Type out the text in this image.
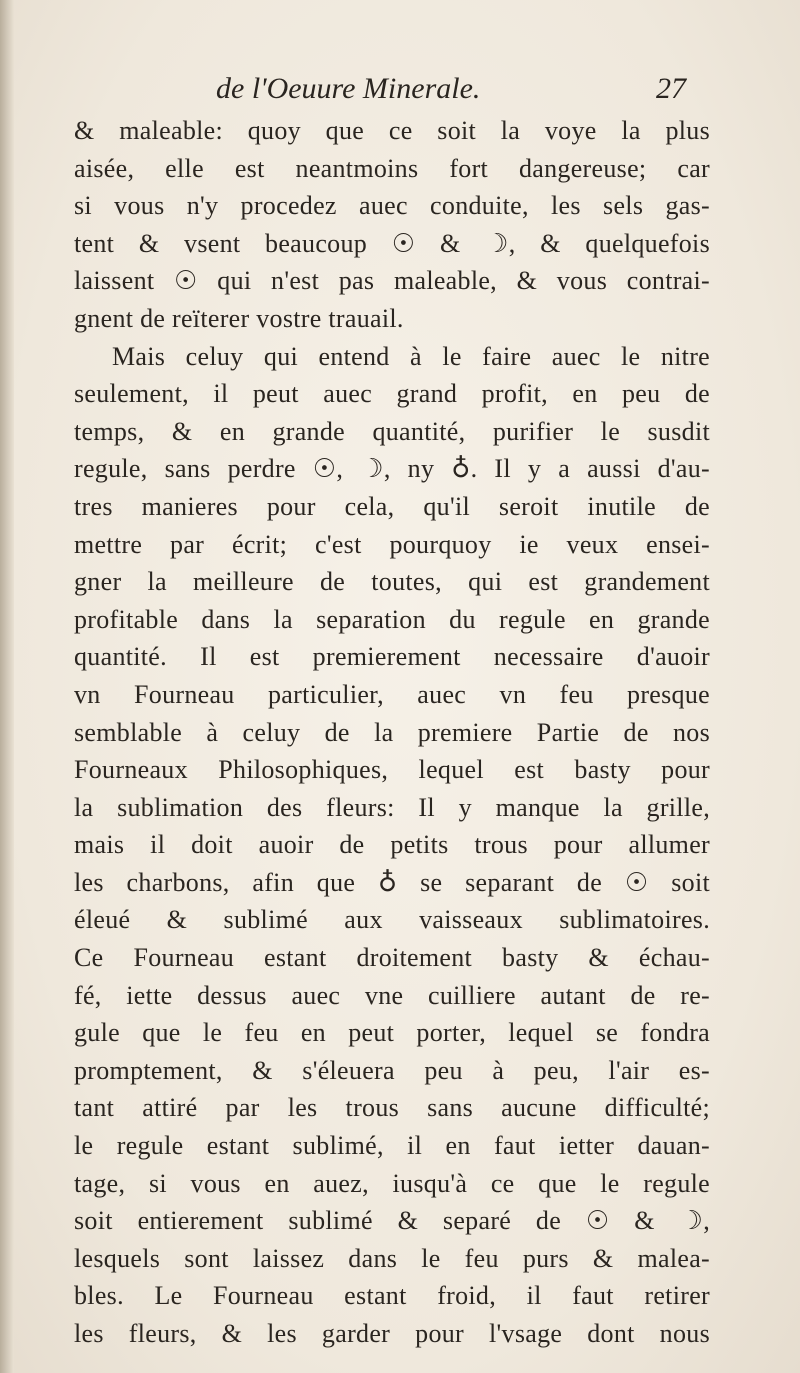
de l'Oeuure Minerale.	27
& maleable: quoy que ce soit la voye la plus
aisée, elle est neantmoins fort dangereuse; car
si vous n'y procedez auec conduite, les sels gas-
tent & vsent beaucoup ☉ & ☽, & quelquefois
laissent ☉ qui n'est pas maleable, & vous contrai-
gnent de reïterer vostre trauail.
Mais celuy qui entend à le faire auec le nitre
seulement, il peut auec grand profit, en peu de
temps, & en grande quantité, purifier le susdit
regule, sans perdre ☉, ☽, ny ♁. Il y a aussi d'au-
tres manieres pour cela, qu'il seroit inutile de
mettre par écrit; c'est pourquoy ie veux ensei-
gner la meilleure de toutes, qui est grandement
profitable dans la separation du regule en grande
quantité. Il est premierement necessaire d'auoir
vn Fourneau particulier, auec vn feu presque
semblable à celuy de la premiere Partie de nos
Fourneaux Philosophiques, lequel est basty pour
la sublimation des fleurs: Il y manque la grille,
mais il doit auoir de petits trous pour allumer
les charbons, afin que ♁ se separant de ☉ soit
éleué & sublimé aux vaisseaux sublimatoires.
Ce Fourneau estant droitement basty & échau-
fé, iette dessus auec vne cuilliere autant de re-
gule que le feu en peut porter, lequel se fondra
promptement, & s'éleuera peu à peu, l'air es-
tant attiré par les trous sans aucune difficulté;
le regule estant sublimé, il en faut ietter dauan-
tage, si vous en auez, iusqu'à ce que le regule
soit entierement sublimé & separé de ☉ & ☽,
lesquels sont laissez dans le feu purs & malea-
bles. Le Fourneau estant froid, il faut retirer
les fleurs, & les garder pour l'vsage dont nous
